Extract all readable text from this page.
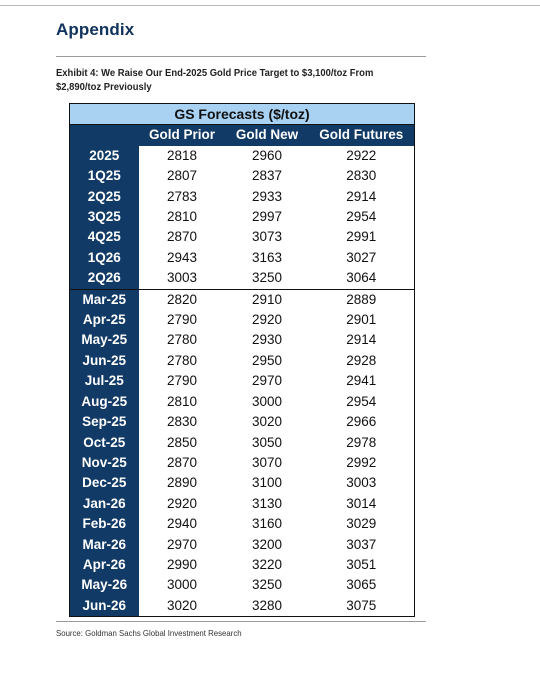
Appendix
Exhibit 4: We Raise Our End-2025 Gold Price Target to $3,100/toz From $2,890/toz Previously
GS Forecasts ($/toz)			
	Gold Prior	Gold New	Gold Futures
2025	2818	2960	2922
1Q25	2807	2837	2830
2Q25	2783	2933	2914
3Q25	2810	2997	2954
4Q25	2870	3073	2991
1Q26	2943	3163	3027
2Q26	3003	3250	3064
Mar-25	2820	2910	2889
Apr-25	2790	2920	2901
May-25	2780	2930	2914
Jun-25	2780	2950	2928
Jul-25	2790	2970	2941
Aug-25	2810	3000	2954
Sep-25	2830	3020	2966
Oct-25	2850	3050	2978
Nov-25	2870	3070	2992
Dec-25	2890	3100	3003
Jan-26	2920	3130	3014
Feb-26	2940	3160	3029
Mar-26	2970	3200	3037
Apr-26	2990	3220	3051
May-26	3000	3250	3065
Jun-26	3020	3280	3075
Source: Goldman Sachs Global Investment Research
